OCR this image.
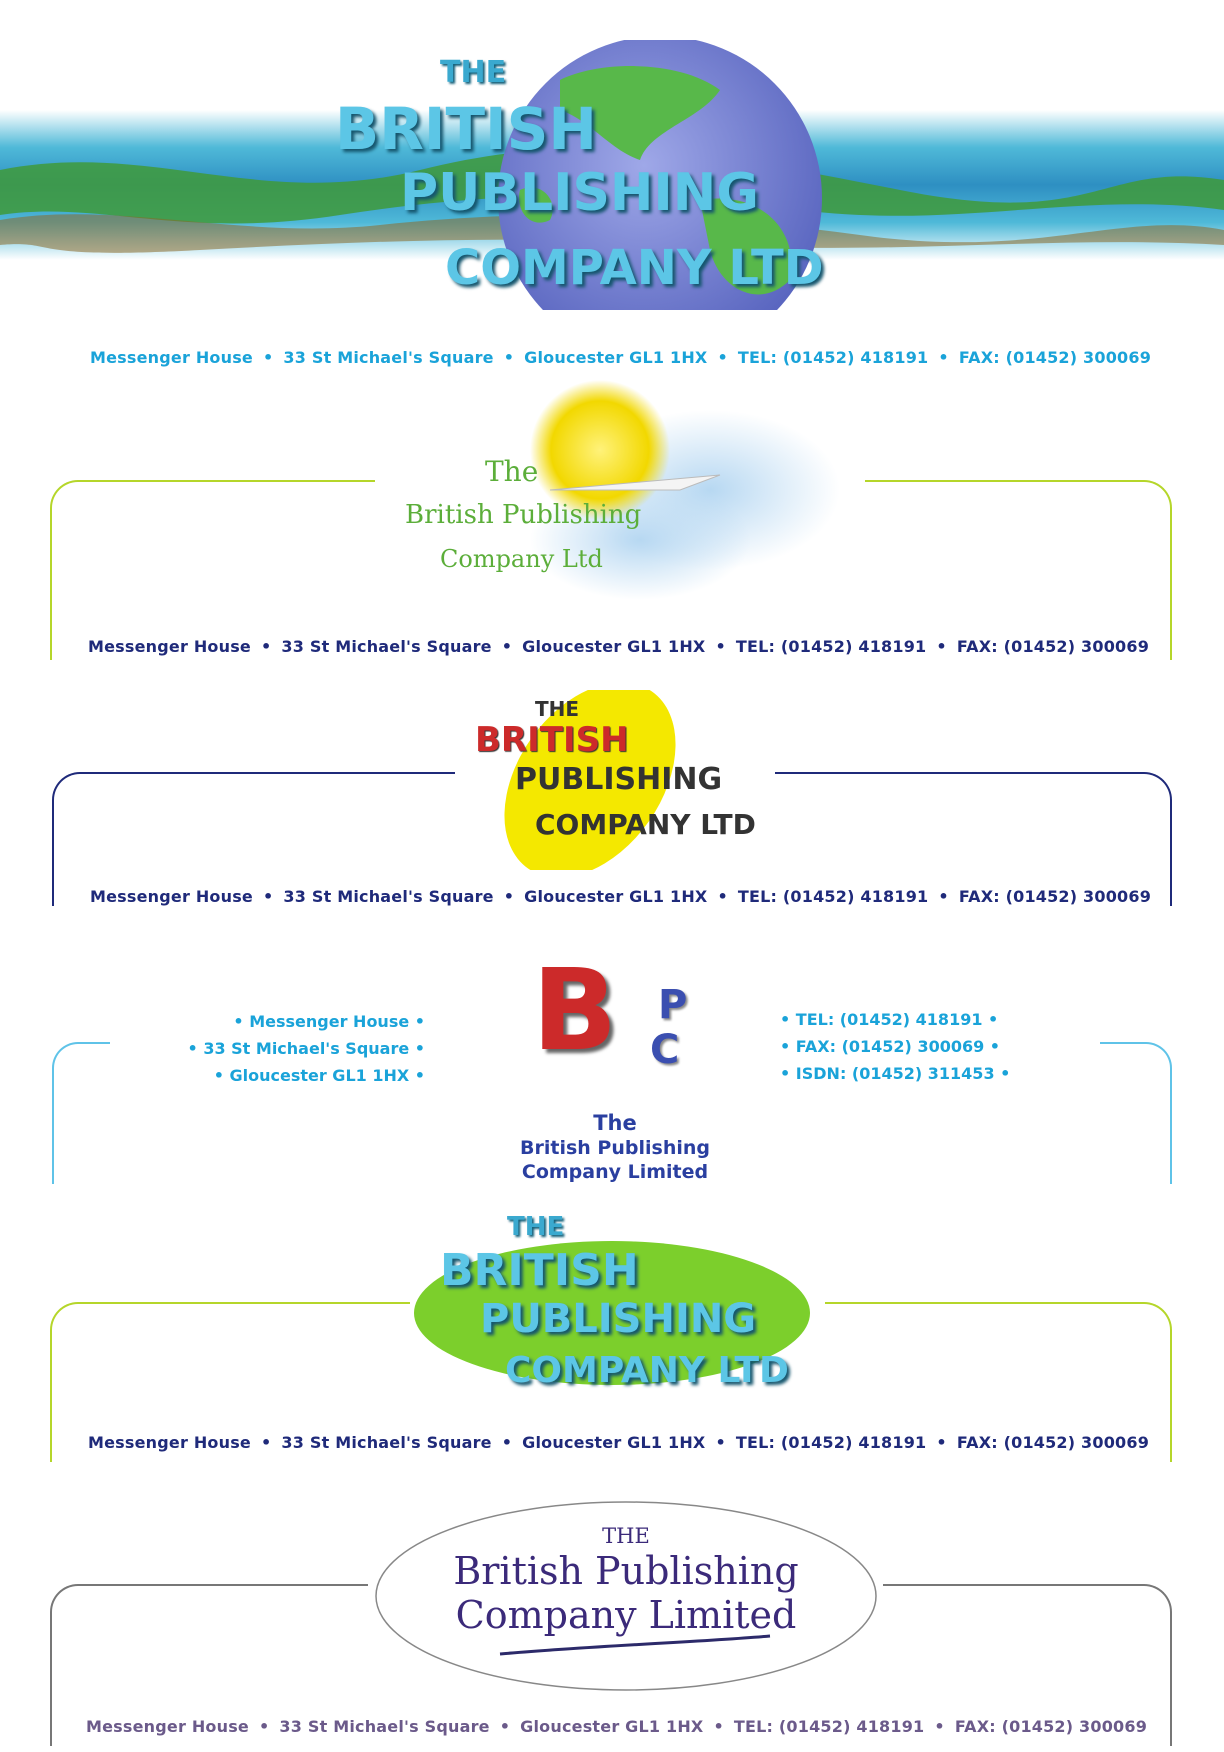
THE
BRITISH
PUBLISHING
COMPANY LTD
Messenger House • 33 St Michael's Square • Gloucester GL1 1HX • TEL: (01452) 418191 • FAX: (01452) 300069
The
British Publishing
Company Ltd
Messenger House • 33 St Michael's Square • Gloucester GL1 1HX • TEL: (01452) 418191 • FAX: (01452) 300069
THE
BRITISH
PUBLISHING
COMPANY LTD
Messenger House • 33 St Michael's Square • Gloucester GL1 1HX • TEL: (01452) 418191 • FAX: (01452) 300069
• Messenger House •
• 33 St Michael's Square •
• Gloucester GL1 1HX •
• TEL: (01452) 418191 •
• FAX: (01452) 300069 •
• ISDN: (01452) 311453 •
B P
C
The
British Publishing
Company Limited
THE
BRITISH
PUBLISHING
COMPANY LTD
Messenger House • 33 St Michael's Square • Gloucester GL1 1HX • TEL: (01452) 418191 • FAX: (01452) 300069
THE
British Publishing
Company Limited
Messenger House • 33 St Michael's Square • Gloucester GL1 1HX • TEL: (01452) 418191 • FAX: (01452) 300069
